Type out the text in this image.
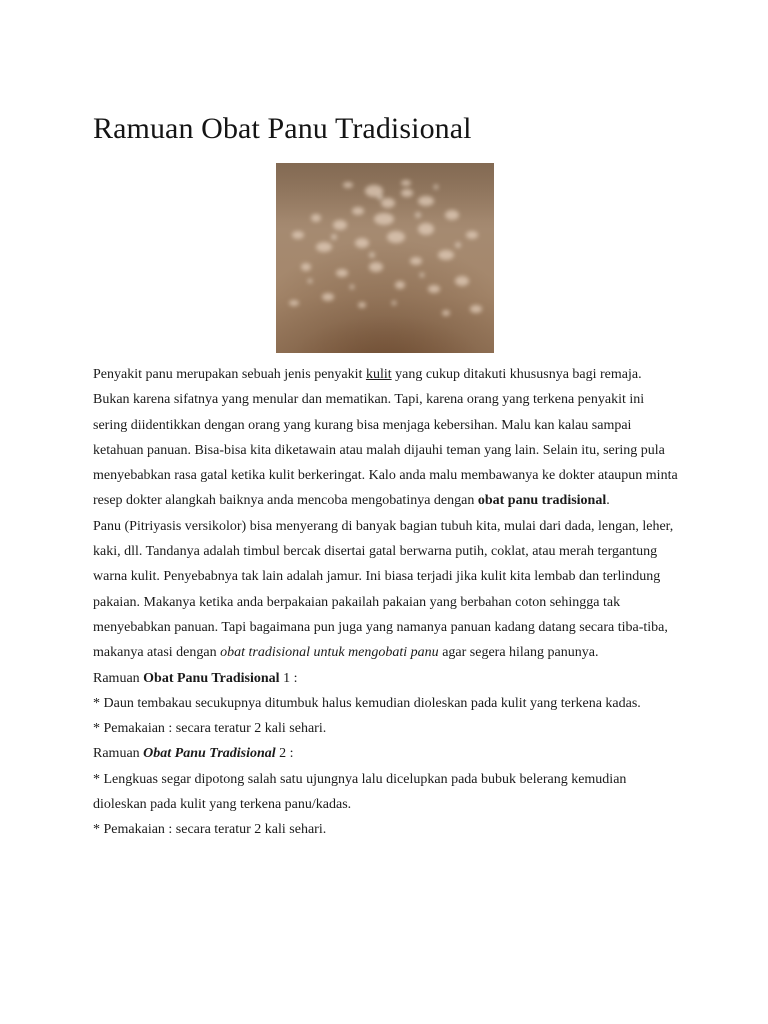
Ramuan Obat Panu Tradisional

Penyakit panu merupakan sebuah jenis penyakit kulit yang cukup ditakuti khususnya bagi remaja. Bukan karena sifatnya yang menular dan mematikan. Tapi, karena orang yang terkena penyakit ini sering diidentikkan dengan orang yang kurang bisa menjaga kebersihan. Malu kan kalau sampai ketahuan panuan. Bisa-bisa kita diketawain atau malah dijauhi teman yang lain. Selain itu, sering pula menyebabkan rasa gatal ketika kulit berkeringat. Kalo anda malu membawanya ke dokter ataupun minta resep dokter alangkah baiknya anda mencoba mengobatinya dengan obat panu tradisional.

Panu (Pitriyasis versikolor) bisa menyerang di banyak bagian tubuh kita, mulai dari dada, lengan, leher, kaki, dll. Tandanya adalah timbul bercak disertai gatal berwarna putih, coklat, atau merah tergantung warna kulit. Penyebabnya tak lain adalah jamur. Ini biasa terjadi jika kulit kita lembab dan terlindung pakaian. Makanya ketika anda berpakaian pakailah pakaian yang berbahan coton sehingga tak menyebabkan panuan. Tapi bagaimana pun juga yang namanya panuan kadang datang secara tiba-tiba, makanya atasi dengan obat tradisional untuk mengobati panu agar segera hilang panunya.

Ramuan Obat Panu Tradisional 1 :

* Daun tembakau secukupnya ditumbuk halus kemudian dioleskan pada kulit yang terkena kadas.

* Pemakaian : secara teratur 2 kali sehari.

Ramuan Obat Panu Tradisional 2 :

* Lengkuas segar dipotong salah satu ujungnya lalu dicelupkan pada bubuk belerang kemudian dioleskan pada kulit yang terkena panu/kadas.

* Pemakaian : secara teratur 2 kali sehari.
